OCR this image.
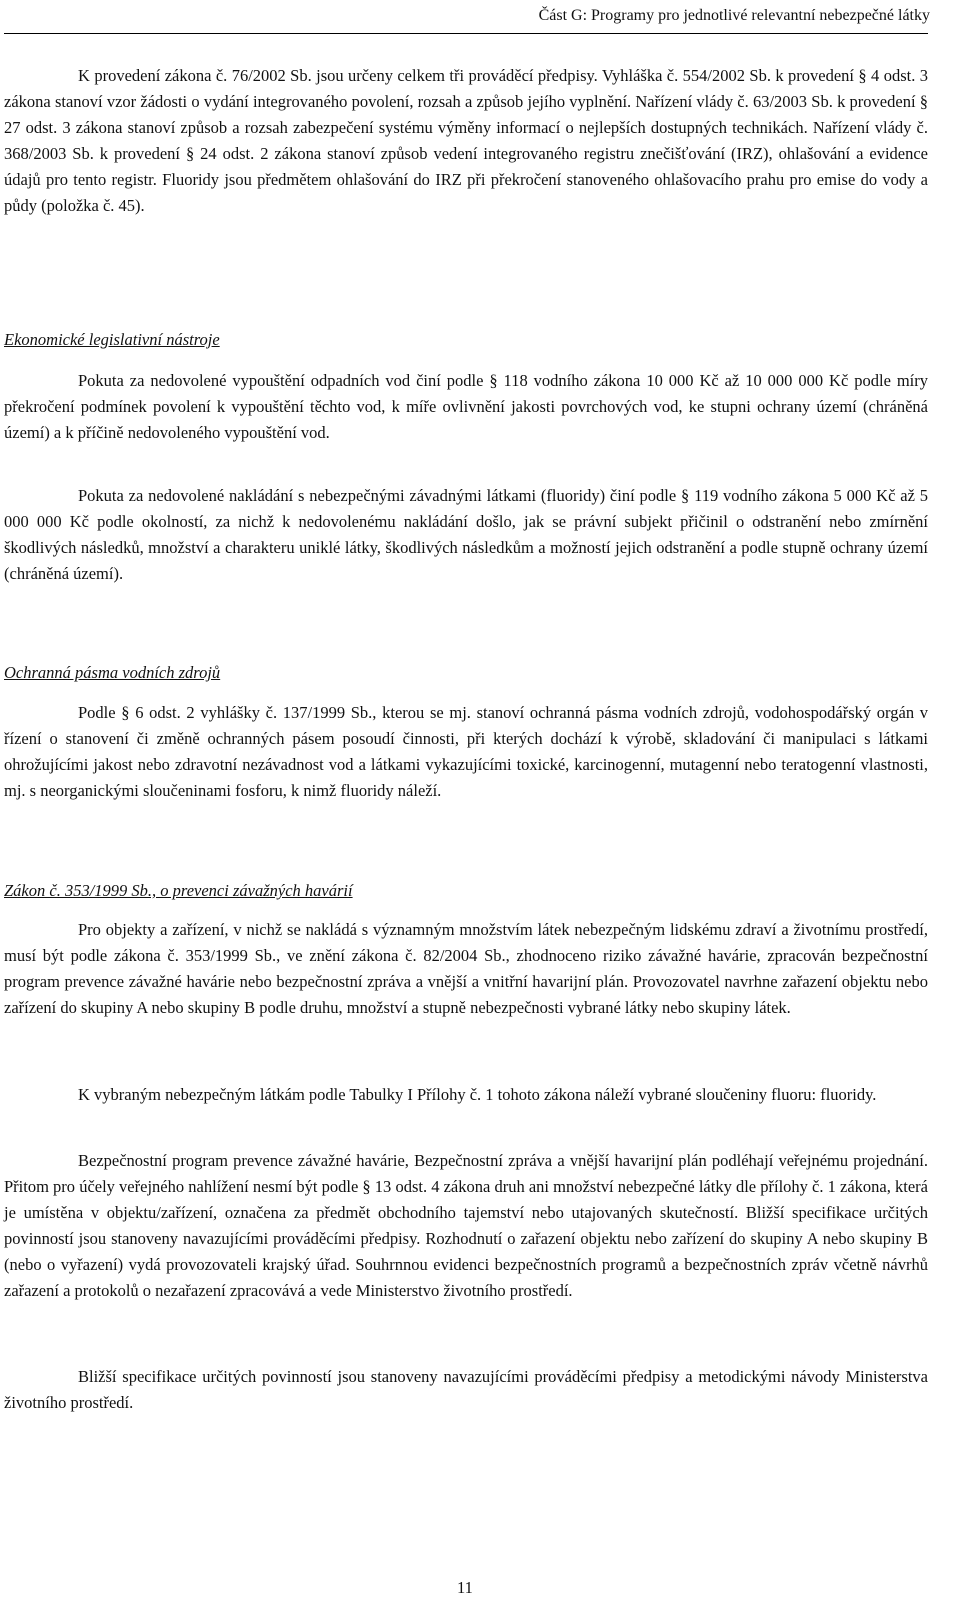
Část G: Programy pro jednotlivé relevantní nebezpečné látky

K provedení zákona č. 76/2002 Sb. jsou určeny celkem tři prováděcí předpisy. Vyhláška č. 554/2002 Sb. k provedení § 4 odst. 3 zákona stanoví vzor žádosti o vydání integrovaného povolení, rozsah a způsob jejího vyplnění. Nařízení vlády č. 63/2003 Sb. k provedení § 27 odst. 3 zákona stanoví způsob a rozsah zabezpečení systému výměny informací o nejlepších dostupných technikách. Nařízení vlády č. 368/2003 Sb. k provedení § 24 odst. 2 zákona stanoví způsob vedení integrovaného registru znečišťování (IRZ), ohlašování a evidence údajů pro tento registr. Fluoridy jsou předmětem ohlašování do IRZ při překročení stanoveného ohlašovacího prahu pro emise do vody a půdy (položka č. 45).

Ekonomické legislativní nástroje

Pokuta za nedovolené vypouštění odpadních vod činí podle § 118 vodního zákona 10 000 Kč až 10 000 000 Kč podle míry překročení podmínek povolení k vypouštění těchto vod, k míře ovlivnění jakosti povrchových vod, ke stupni ochrany území (chráněná území) a k příčině nedovoleného vypouštění vod.

Pokuta za nedovolené nakládání s nebezpečnými závadnými látkami (fluoridy) činí podle § 119 vodního zákona 5 000 Kč až 5 000 000 Kč podle okolností, za nichž k nedovolenému nakládání došlo, jak se právní subjekt přičinil o odstranění nebo zmírnění škodlivých následků, množství a charakteru uniklé látky, škodlivých následkům a možností jejich odstranění a podle stupně ochrany území (chráněná území).

Ochranná pásma vodních zdrojů

Podle § 6 odst. 2 vyhlášky č. 137/1999 Sb., kterou se mj. stanoví ochranná pásma vodních zdrojů, vodohospodářský orgán v řízení o stanovení či změně ochranných pásem posoudí činnosti, při kterých dochází k výrobě, skladování či manipulaci s látkami ohrožujícími jakost nebo zdravotní nezávadnost vod a látkami vykazujícími toxické, karcinogenní, mutagenní nebo teratogenní vlastnosti, mj. s neorganickými sloučeninami fosforu, k nimž fluoridy náleží.

Zákon č. 353/1999 Sb., o prevenci závažných havárií

Pro objekty a zařízení, v nichž se nakládá s významným množstvím látek nebezpečným lidskému zdraví a životnímu prostředí, musí být podle zákona č. 353/1999 Sb., ve znění zákona č. 82/2004 Sb., zhodnoceno riziko závažné havárie, zpracován bezpečnostní program prevence závažné havárie nebo bezpečnostní zpráva a vnější a vnitřní havarijní plán. Provozovatel navrhne zařazení objektu nebo zařízení do skupiny A nebo skupiny B podle druhu, množství a stupně nebezpečnosti vybrané látky nebo skupiny látek.

K vybraným nebezpečným látkám podle Tabulky I Přílohy č. 1 tohoto zákona náleží vybrané sloučeniny fluoru: fluoridy.

Bezpečnostní program prevence závažné havárie, Bezpečnostní zpráva a vnější havarijní plán podléhají veřejnému projednání. Přitom pro účely veřejného nahlížení nesmí být podle § 13 odst. 4 zákona druh ani množství nebezpečné látky dle přílohy č. 1 zákona, která je umístěna v objektu/zařízení, označena za předmět obchodního tajemství nebo utajovaných skutečností. Bližší specifikace určitých povinností jsou stanoveny navazujícími prováděcími předpisy. Rozhodnutí o zařazení objektu nebo zařízení do skupiny A nebo skupiny B (nebo o vyřazení) vydá provozovateli krajský úřad. Souhrnnou evidenci bezpečnostních programů a bezpečnostních zpráv včetně návrhů zařazení a protokolů o nezařazení zpracovává a vede Ministerstvo životního prostředí.

Bližší specifikace určitých povinností jsou stanoveny navazujícími prováděcími předpisy a metodickými návody Ministerstva životního prostředí.

11
